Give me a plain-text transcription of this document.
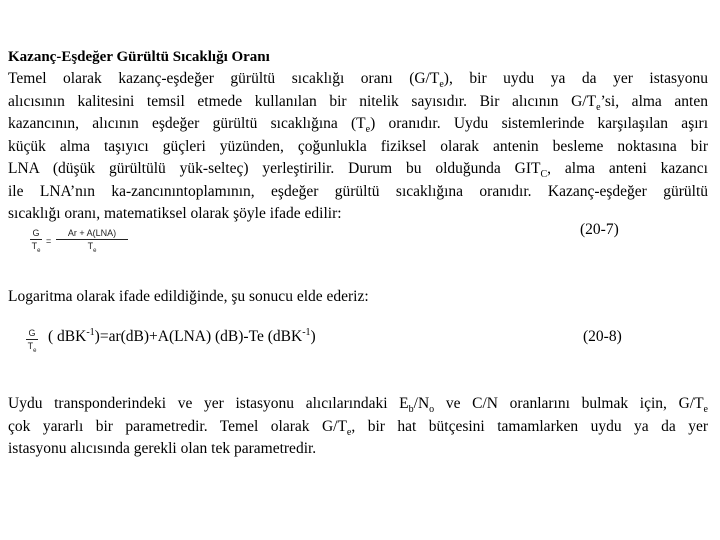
Kazanç-Eşdeğer Gürültü Sıcaklığı Oranı
Temel olarak kazanç-eşdeğer gürültü sıcaklığı oranı $(G/T_e)$, bir uydu ya da yer istasyonu
alıcısının kalitesini temsil etmede kullanılan bir nitelik sayısıdır. Bir alıcının $G/T_e’si$, alma anten
kazancının, alıcının eşdeğer gürültü sıcaklığına $(T_e)$ oranıdır. Uydu sistemlerinde karşılaşılan aşırı
küçük alma taşıyıcı güçleri yüzünden, çoğunlukla fiziksel olarak antenin besleme noktasına bir
LNA (düşük gürültülü yük-selteç) yerleştirilir. Durum bu olduğunda $GIT_C$, alma anteni kazancı
ile LNA’nın ka-zancınıntoplamının, eşdeğer gürültü sıcaklığına oranıdır. Kazanç-eşdeğer gürültü
sıcaklığı oranı, matematiksel olarak şöyle ifade edilir:
G
$T_e$
=
Ar + A(LNA)
$T_e$
(20-7)
Logaritma olarak ifade edildiğinde, şu sonucu elde ederiz:
G
$T_e$
( dBK$^{-1}$)=ar(dB)+A(LNA) (dB)-Te (dBK$^{-1}$)	(20-8)
Uydu transponderindeki ve yer istasyonu alıcılarındaki $E_b/N_o$ ve C/N oranlarını bulmak için, $G/T_e$
çok yararlı bir parametredir. Temel olarak $G/T_e$, bir hat bütçesini tamamlarken uydu ya da yer
istasyonu alıcısında gerekli olan tek parametredir.
